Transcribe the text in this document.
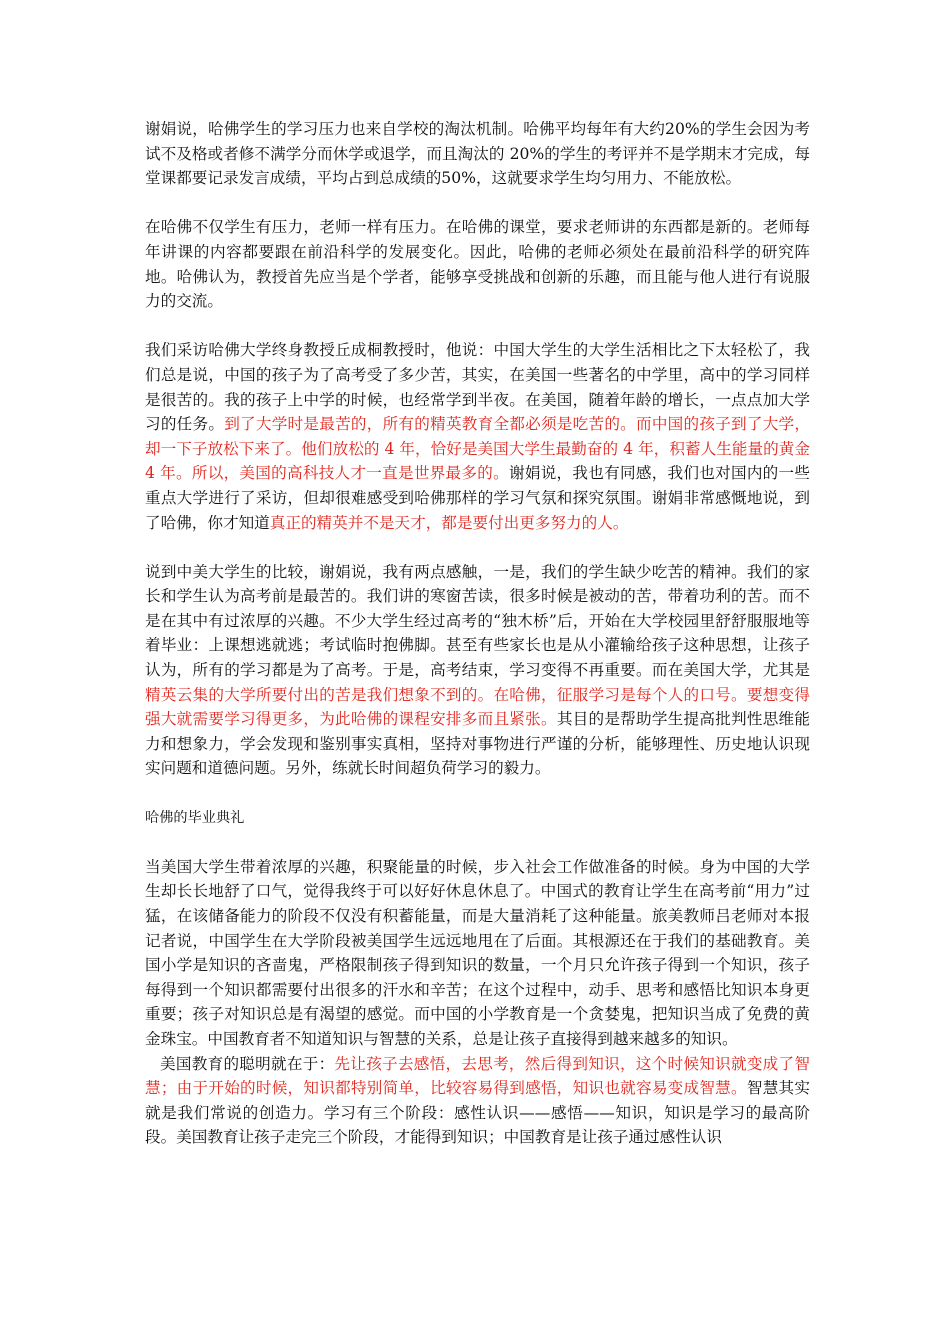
谢娟说，哈佛学生的学习压力也来自学校的淘汰机制。哈佛平均每年有大约20%的学生会因为考试不及格或者修不满学分而休学或退学，而且淘汰的 20%的学生的考评并不是学期末才完成，每堂课都要记录发言成绩，平均占到总成绩的50%，这就要求学生均匀用力、不能放松。

在哈佛不仅学生有压力，老师一样有压力。在哈佛的课堂，要求老师讲的东西都是新的。老师每年讲课的内容都要跟在前沿科学的发展变化。因此，哈佛的老师必须处在最前沿科学的研究阵地。哈佛认为，教授首先应当是个学者，能够享受挑战和创新的乐趣，而且能与他人进行有说服力的交流。

我们采访哈佛大学终身教授丘成桐教授时，他说：中国大学生的大学生活相比之下太轻松了，我们总是说，中国的孩子为了高考受了多少苦，其实，在美国一些著名的中学里，高中的学习同样是很苦的。我的孩子上中学的时候，也经常学到半夜。在美国，随着年龄的增长，一点点加大学习的任务。到了大学时是最苦的，所有的精英教育全都必须是吃苦的。而中国的孩子到了大学，却一下子放松下来了。他们放松的 4 年，恰好是美国大学生最勤奋的 4 年，积蓄人生能量的黄金 4 年。所以，美国的高科技人才一直是世界最多的。谢娟说，我也有同感，我们也对国内的一些重点大学进行了采访，但却很难感受到哈佛那样的学习气氛和探究氛围。谢娟非常感慨地说，到了哈佛，你才知道真正的精英并不是天才，都是要付出更多努力的人。

说到中美大学生的比较，谢娟说，我有两点感触，一是，我们的学生缺少吃苦的精神。我们的家长和学生认为高考前是最苦的。我们讲的寒窗苦读，很多时候是被动的苦，带着功利的苦。而不是在其中有过浓厚的兴趣。不少大学生经过高考的“独木桥”后，开始在大学校园里舒舒服服地等着毕业：上课想逃就逃；考试临时抱佛脚。甚至有些家长也是从小灌输给孩子这种思想，让孩子认为，所有的学习都是为了高考。于是，高考结束，学习变得不再重要。而在美国大学，尤其是精英云集的大学所要付出的苦是我们想象不到的。在哈佛，征服学习是每个人的口号。要想变得强大就需要学习得更多，为此哈佛的课程安排多而且紧张。其目的是帮助学生提高批判性思维能力和想象力，学会发现和鉴别事实真相，坚持对事物进行严谨的分析，能够理性、历史地认识现实问题和道德问题。另外，练就长时间超负荷学习的毅力。

哈佛的毕业典礼

当美国大学生带着浓厚的兴趣，积聚能量的时候，步入社会工作做准备的时候。身为中国的大学生却长长地舒了口气，觉得我终于可以好好休息休息了。中国式的教育让学生在高考前“用力”过猛，在该储备能力的阶段不仅没有积蓄能量，而是大量消耗了这种能量。旅美教师吕老师对本报记者说，中国学生在大学阶段被美国学生远远地甩在了后面。其根源还在于我们的基础教育。美国小学是知识的吝啬鬼，严格限制孩子得到知识的数量，一个月只允许孩子得到一个知识，孩子每得到一个知识都需要付出很多的汗水和辛苦；在这个过程中，动手、思考和感悟比知识本身更重要；孩子对知识总是有渴望的感觉。而中国的小学教育是一个贪婪鬼，把知识当成了免费的黄金珠宝。中国教育者不知道知识与智慧的关系，总是让孩子直接得到越来越多的知识。

美国教育的聪明就在于：先让孩子去感悟，去思考，然后得到知识，这个时候知识就变成了智慧；由于开始的时候，知识都特别简单，比较容易得到感悟，知识也就容易变成智慧。智慧其实就是我们常说的创造力。学习有三个阶段：感性认识——感悟——知识，知识是学习的最高阶段。美国教育让孩子走完三个阶段，才能得到知识；中国教育是让孩子通过感性认识
